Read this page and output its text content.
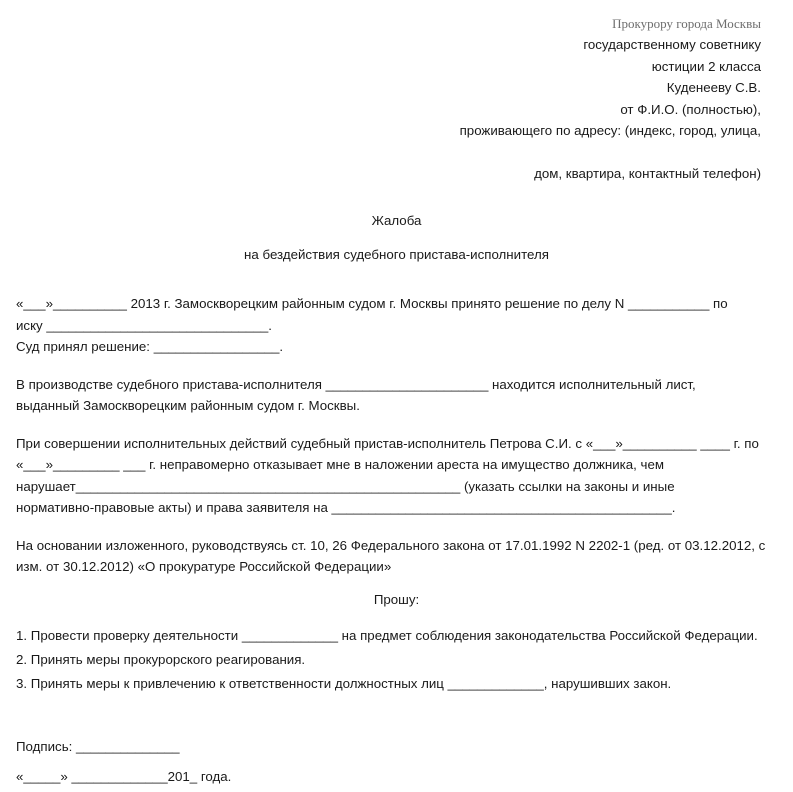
Прокурору города Москвы
государственному советнику
юстиции 2 класса
Куденееву С.В.
от Ф.И.О. (полностью),
проживающего по адресу: (индекс, город, улица,
дом, квартира, контактный телефон)
Жалоба
на бездействия судебного пристава-исполнителя
«___»__________ 2013 г. Замоскворецким районным судом г. Москвы принято решение по делу N ___________ по
иску ______________________________.
Суд принял решение: _________________.
В производстве судебного пристава-исполнителя ______________________ находится исполнительный лист,
выданный Замоскворецким районным судом г. Москвы.
При совершении исполнительных действий судебный пристав-исполнитель Петрова С.И. с «___»__________ ____ г. по
«___»_________ ___ г. неправомерно отказывает мне в наложении ареста на имущество должника, чем
нарушает____________________________________________________ (указать ссылки на законы и иные
нормативно-правовые акты) и права заявителя на ______________________________________________.
На основании изложенного, руководствуясь ст. 10, 26 Федерального закона от 17.01.1992 N 2202-1 (ред. от 03.12.2012, с
изм. от 30.12.2012) «О прокуратуре Российской Федерации»
Прошу:
1. Провести проверку деятельности _____________ на предмет соблюдения законодательства Российской Федерации.
2. Принять меры прокурорского реагирования.
3. Принять меры к привлечению к ответственности должностных лиц _____________, нарушивших закон.
Подпись: ______________
«_____» _____________201_ года.
